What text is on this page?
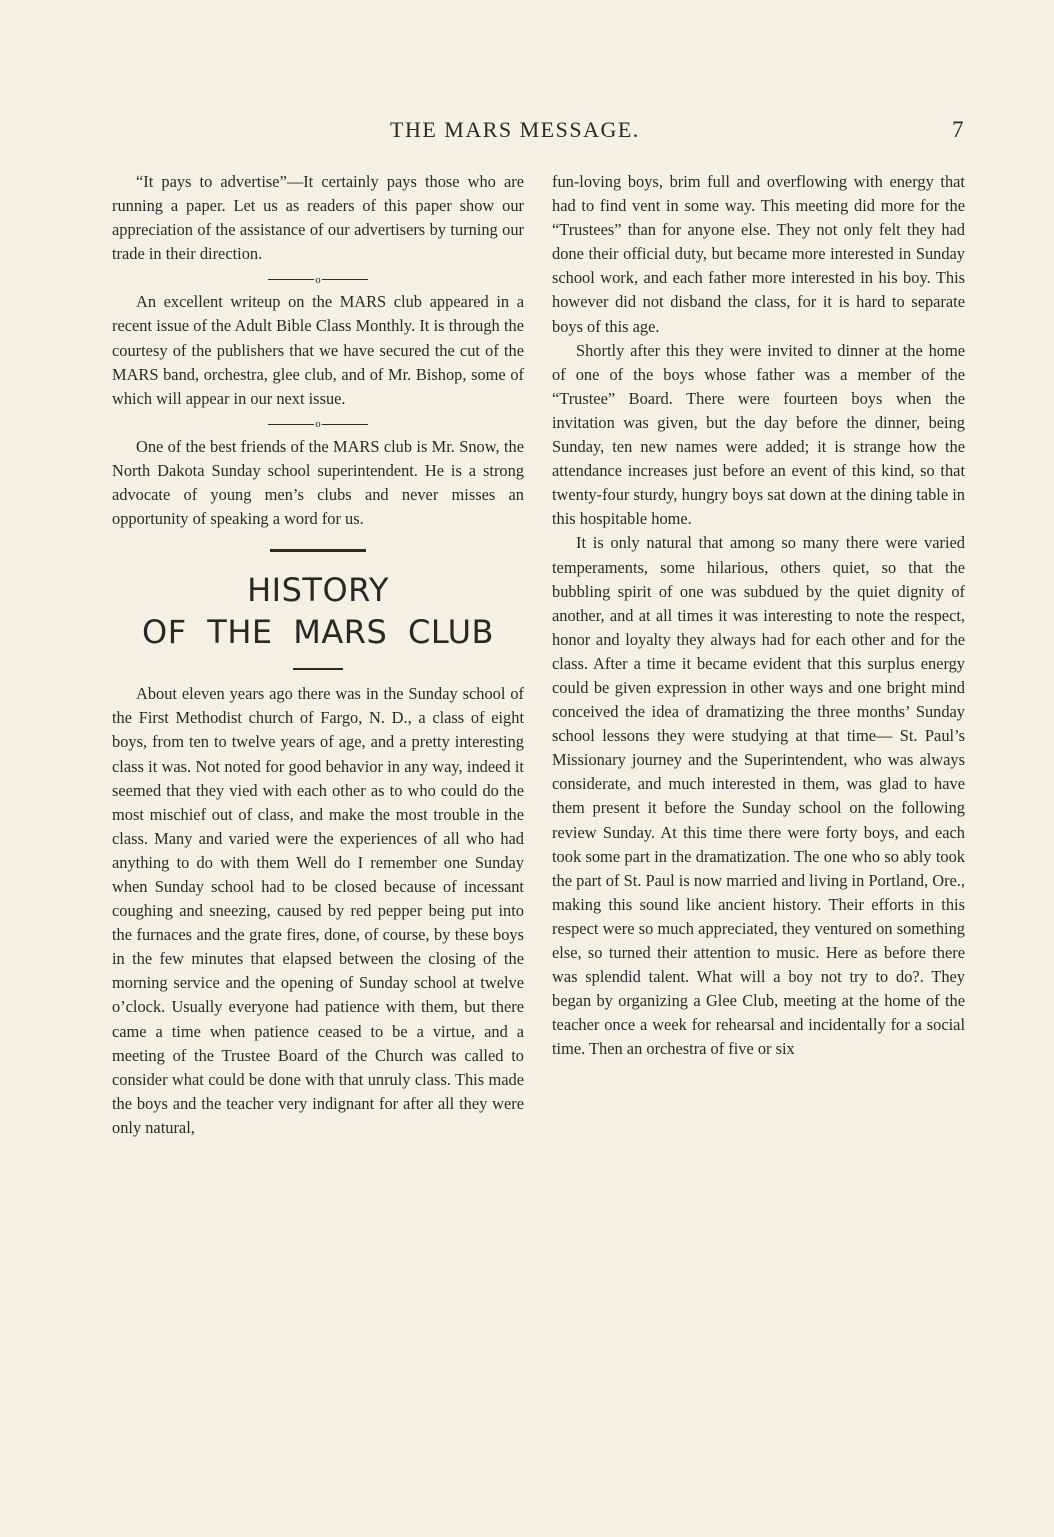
THE MARS MESSAGE.	7

“It pays to advertise”—It certainly pays those who are running a paper. Let us as readers of this paper show our appreciation of the assistance of our advertisers by turning our trade in their direction.

o

An excellent writeup on the MARS club appeared in a recent issue of the Adult Bible Class Monthly. It is through the courtesy of the publishers that we have secured the cut of the MARS band, orchestra, glee club, and of Mr. Bishop, some of which will appear in our next issue.

o

One of the best friends of the MARS club is Mr. Snow, the North Dakota Sunday school superintendent. He is a strong advocate of young men’s clubs and never misses an opportunity of speaking a word for us.

HISTORY
OF THE MARS CLUB

About eleven years ago there was in the Sunday school of the First Methodist church of Fargo, N. D., a class of eight boys, from ten to twelve years of age, and a pretty interesting class it was. Not noted for good behavior in any way, indeed it seemed that they vied with each other as to who could do the most mischief out of class, and make the most trouble in the class. Many and varied were the experiences of all who had anything to do with them Well do I remember one Sunday when Sunday school had to be closed because of incessant coughing and sneezing, caused by red pepper being put into the furnaces and the grate fires, done, of course, by these boys in the few minutes that elapsed between the closing of the morning service and the opening of Sunday school at twelve o’clock. Usually everyone had patience with them, but there came a time when patience ceased to be a virtue, and a meeting of the Trustee Board of the Church was called to consider what could be done with that unruly class. This made the boys and the teacher very indignant for after all they were only natural,

fun-loving boys, brim full and overflowing with energy that had to find vent in some way. This meeting did more for the “Trustees” than for anyone else. They not only felt they had done their official duty, but became more interested in Sunday school work, and each father more interested in his boy. This however did not disband the class, for it is hard to separate boys of this age.

Shortly after this they were invited to dinner at the home of one of the boys whose father was a member of the “Trustee” Board. There were fourteen boys when the invitation was given, but the day before the dinner, being Sunday, ten new names were added; it is strange how the attendance increases just before an event of this kind, so that twenty-four sturdy, hungry boys sat down at the dining table in this hospitable home.

It is only natural that among so many there were varied temperaments, some hilarious, others quiet, so that the bubbling spirit of one was subdued by the quiet dignity of another, and at all times it was interesting to note the respect, honor and loyalty they always had for each other and for the class. After a time it became evident that this surplus energy could be given expression in other ways and one bright mind conceived the idea of dramatizing the three months’ Sunday school lessons they were studying at that time— St. Paul’s Missionary journey and the Superintendent, who was always considerate, and much interested in them, was glad to have them present it before the Sunday school on the following review Sunday. At this time there were forty boys, and each took some part in the dramatization. The one who so ably took the part of St. Paul is now married and living in Portland, Ore., making this sound like ancient history. Their efforts in this respect were so much appreciated, they ventured on something else, so turned their attention to music. Here as before there was splendid talent. What will a boy not try to do?. They began by organizing a Glee Club, meeting at the home of the teacher once a week for rehearsal and incidentally for a social time. Then an orchestra of five or six
